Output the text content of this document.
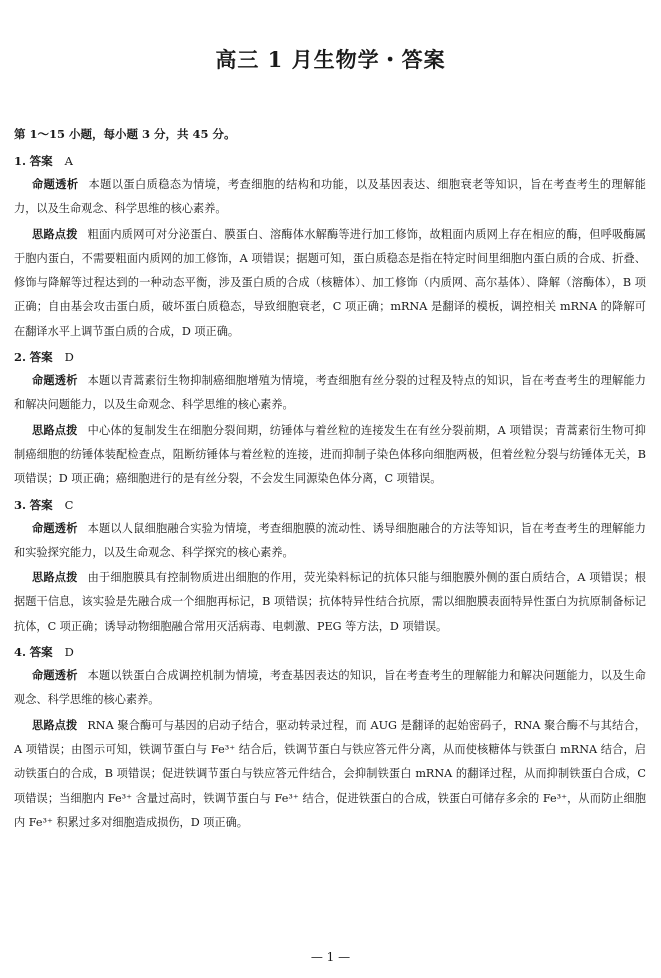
高三 1 月生物学・答案
第 1～15 小题，每小题 3 分，共 45 分。
1. 答案 A

命题透析 本题以蛋白质稳态为情境，考查细胞的结构和功能，以及基因表达、细胞衰老等知识，旨在考查考生的理解能力，以及生命观念、科学思维的核心素养。

思路点拨 粗面内质网可对分泌蛋白、膜蛋白、溶酶体水解酶等进行加工修饰，故粗面内质网上存在相应的酶，但呼吸酶属于胞内蛋白，不需要粗面内质网的加工修饰，A 项错误；据题可知，蛋白质稳态是指在特定时间里细胞内蛋白质的合成、折叠、修饰与降解等过程达到的一种动态平衡，涉及蛋白质的合成（核糖体）、加工修饰（内质网、高尔基体）、降解（溶酶体），B 项正确；自由基会攻击蛋白质，破坏蛋白质稳态，导致细胞衰老，C 项正确；mRNA 是翻译的模板，调控相关 mRNA 的降解可在翻译水平上调节蛋白质的合成，D 项正确。

2. 答案 D

命题透析 本题以青蒿素衍生物抑制癌细胞增殖为情境，考查细胞有丝分裂的过程及特点的知识，旨在考查考生的理解能力和解决问题能力，以及生命观念、科学思维的核心素养。

思路点拨 中心体的复制发生在细胞分裂间期，纺锤体与着丝粒的连接发生在有丝分裂前期，A 项错误；青蒿素衍生物可抑制癌细胞的纺锤体装配检查点，阻断纺锤体与着丝粒的连接，进而抑制子染色体移向细胞两极，但着丝粒分裂与纺锤体无关，B 项错误；D 项正确；癌细胞进行的是有丝分裂，不会发生同源染色体分离，C 项错误。

3. 答案 C

命题透析 本题以人鼠细胞融合实验为情境，考查细胞膜的流动性、诱导细胞融合的方法等知识，旨在考查考生的理解能力和实验探究能力，以及生命观念、科学探究的核心素养。

思路点拨 由于细胞膜具有控制物质进出细胞的作用，荧光染料标记的抗体只能与细胞膜外侧的蛋白质结合，A 项错误；根据题干信息，该实验是先融合成一个细胞再标记，B 项错误；抗体特异性结合抗原，需以细胞膜表面特异性蛋白为抗原制备标记抗体，C 项正确；诱导动物细胞融合常用灭活病毒、电刺激、PEG 等方法，D 项错误。

4. 答案 D

命题透析 本题以铁蛋白合成调控机制为情境，考查基因表达的知识，旨在考查考生的理解能力和解决问题能力，以及生命观念、科学思维的核心素养。

思路点拨 RNA 聚合酶可与基因的启动子结合，驱动转录过程，而 AUG 是翻译的起始密码子，RNA 聚合酶不与其结合，A 项错误；由图示可知，铁调节蛋白与 Fe³⁺ 结合后，铁调节蛋白与铁应答元件分离，从而使核糖体与铁蛋白 mRNA 结合，启动铁蛋白的合成，B 项错误；促进铁调节蛋白与铁应答元件结合，会抑制铁蛋白 mRNA 的翻译过程，从而抑制铁蛋白合成，C 项错误；当细胞内 Fe³⁺ 含量过高时，铁调节蛋白与 Fe³⁺ 结合，促进铁蛋白的合成，铁蛋白可储存多余的 Fe³⁺，从而防止细胞内 Fe³⁺ 积累过多对细胞造成损伤，D 项正确。

— 1 —
